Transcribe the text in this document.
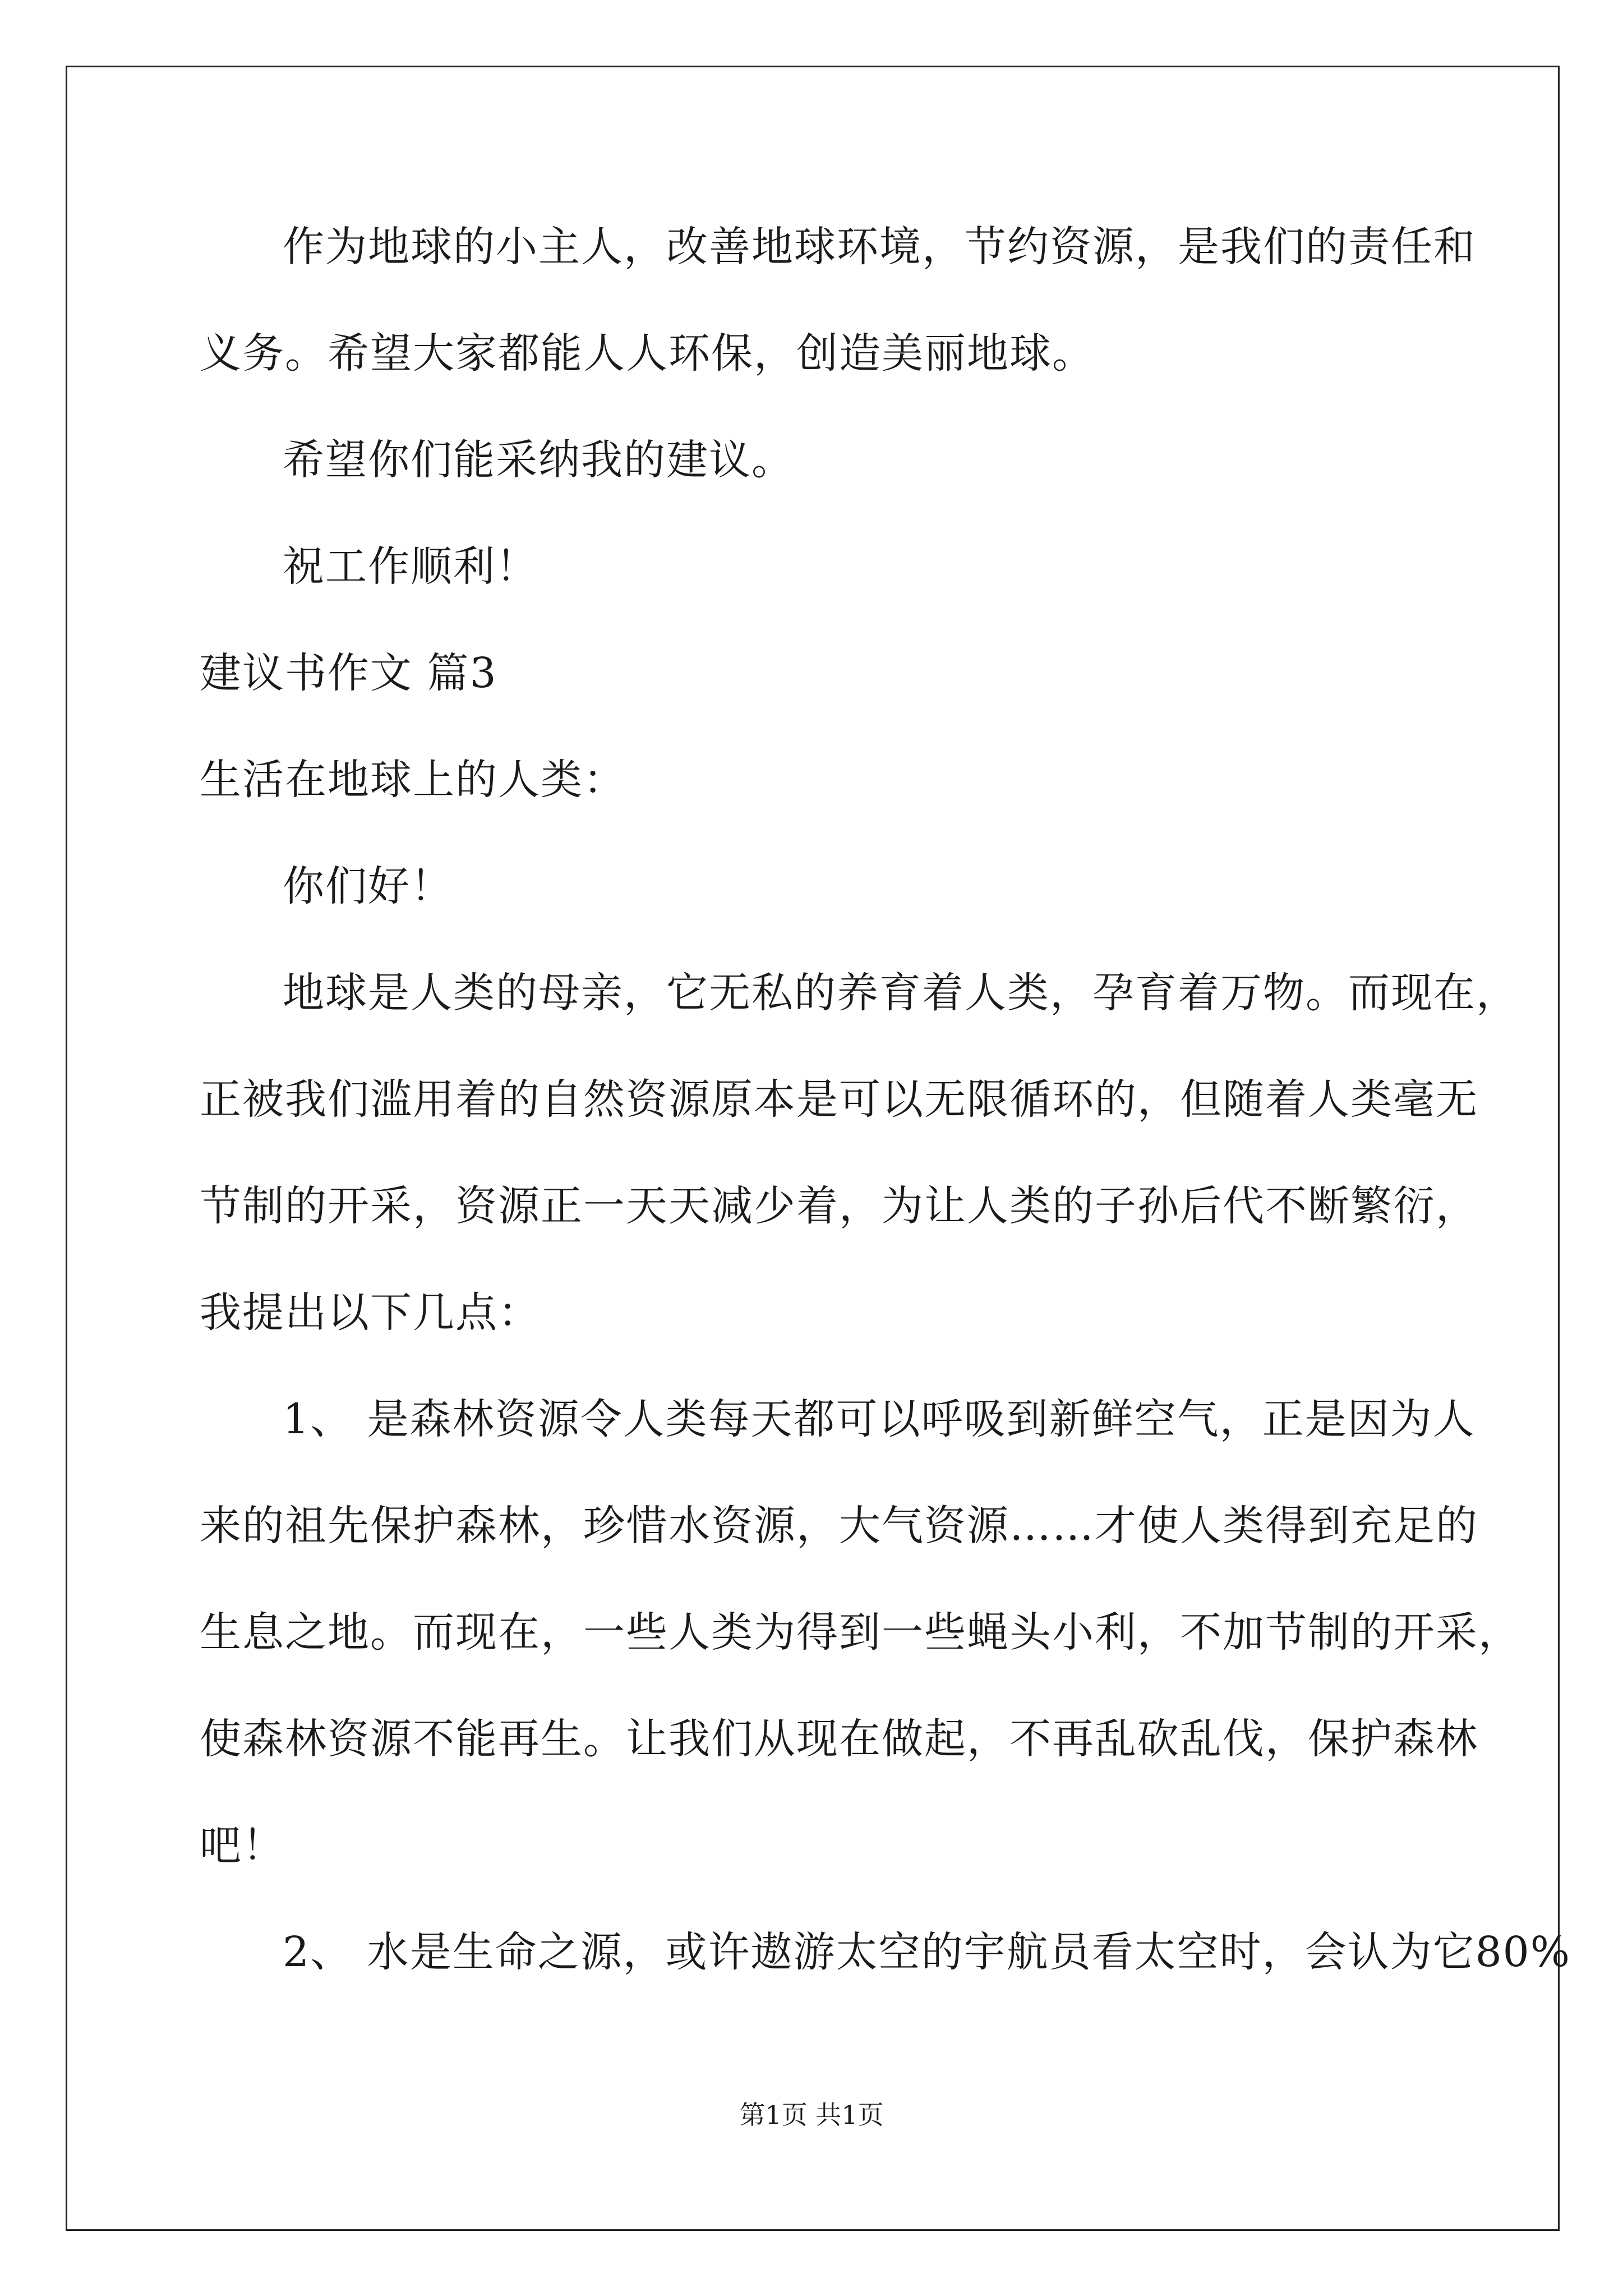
作为地球的小主人，改善地球环境，节约资源，是我们的责任和
义务。希望大家都能人人环保，创造美丽地球。
希望你们能采纳我的建议。
祝工作顺利！
建议书作文 篇3
生活在地球上的人类：
你们好！
地球是人类的母亲，它无私的养育着人类，孕育着万物。而现在，
正被我们滥用着的自然资源原本是可以无限循环的，但随着人类毫无
节制的开采，资源正一天天减少着，为让人类的子孙后代不断繁衍，
我提出以下几点：
1、 是森林资源令人类每天都可以呼吸到新鲜空气，正是因为人
来的祖先保护森林，珍惜水资源，大气资源……才使人类得到充足的
生息之地。而现在，一些人类为得到一些蝇头小利，不加节制的开采，
使森林资源不能再生。让我们从现在做起，不再乱砍乱伐，保护森林
吧！
2、 水是生命之源，或许遨游太空的宇航员看太空时，会认为它80%
第1页 共1页
